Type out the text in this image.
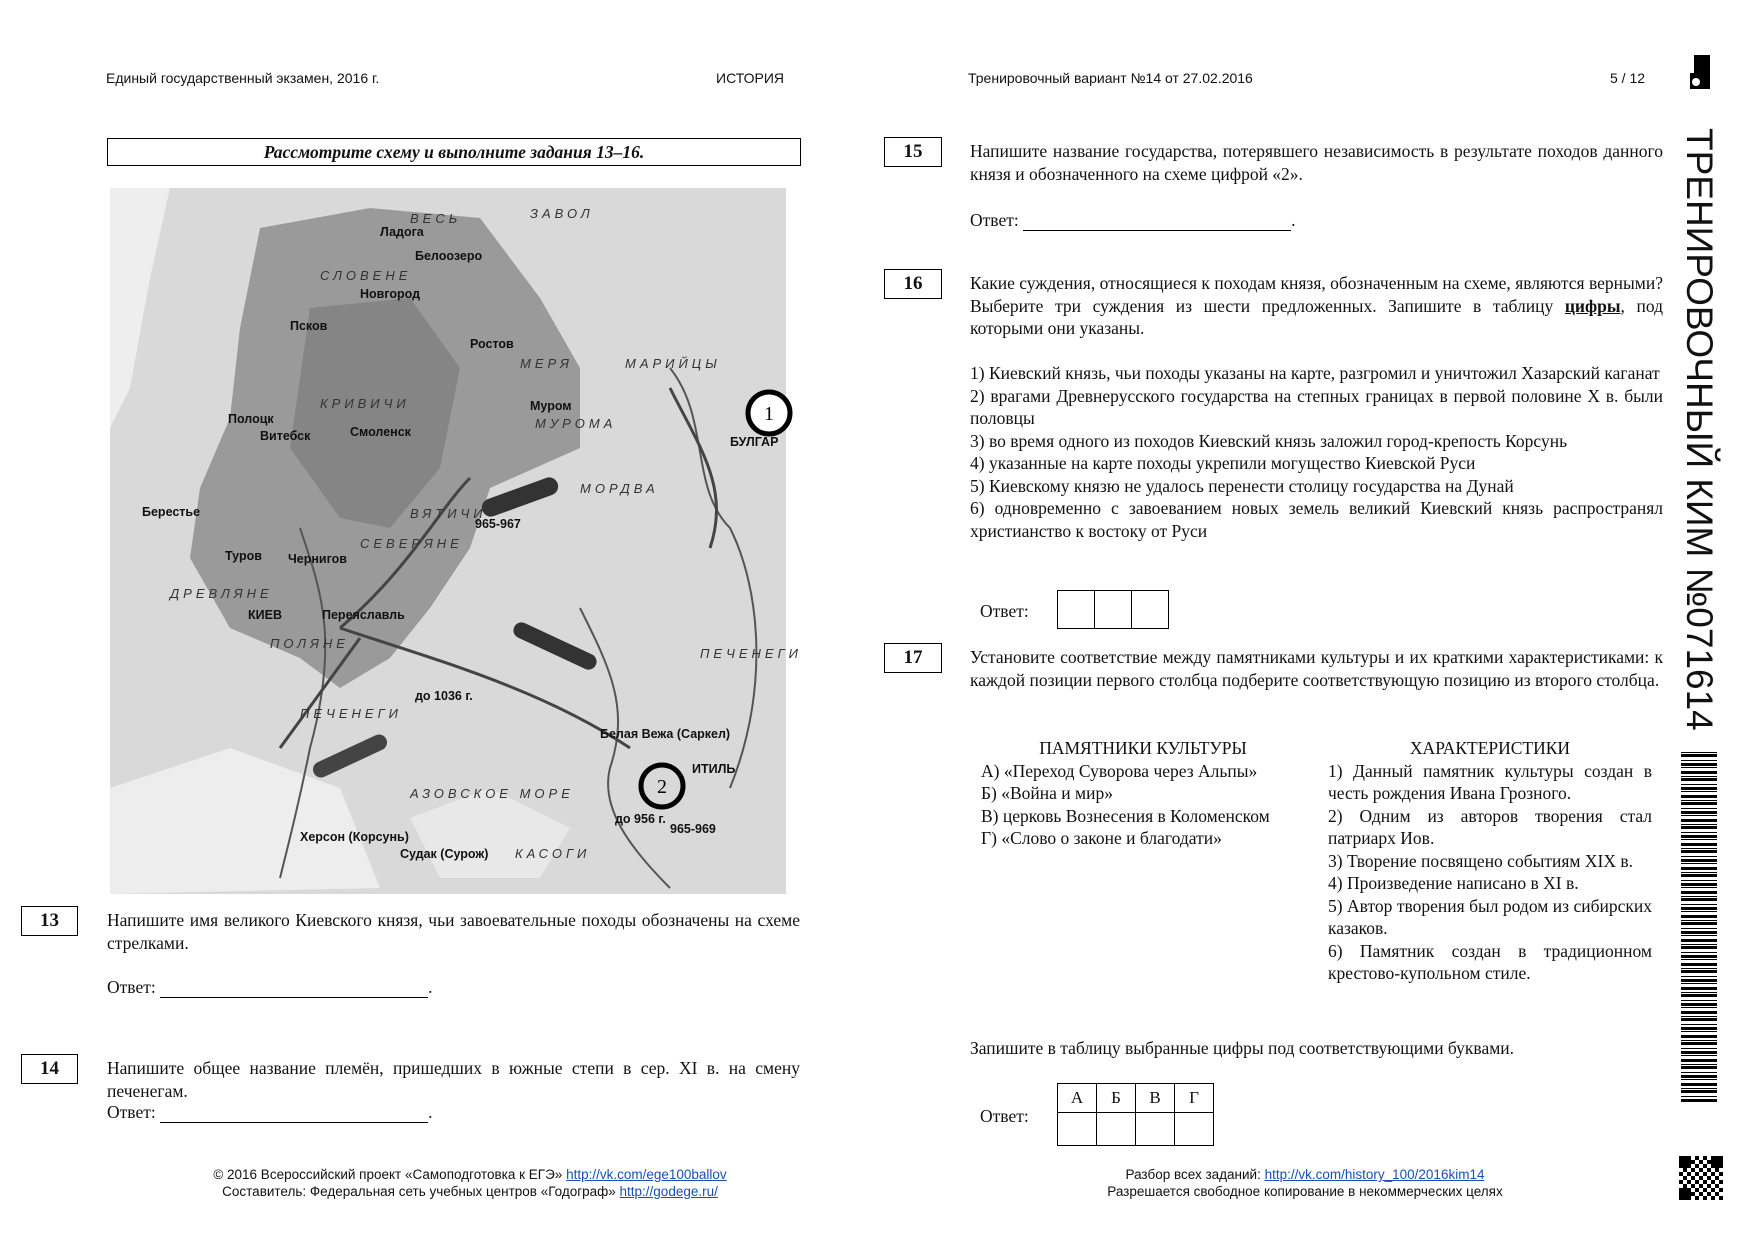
Единый государственный экзамен, 2016 г.	ИСТОРИЯ	Тренировочный вариант №14 от 27.02.2016	5 / 12
ТРЕНИРОВОЧНЫЙ КИМ №071614
Рассмотрите схему и выполните задания 13–16.
Ладога
Белоозеро
Новгород
Псков
Ростов
Муром
Полоцк
Витебск	Смоленск
Берестье
Туров Чернигов
КИЕВ	Переяславль
Белая Вежа (Саркел)
ИТИЛЬ
Херсон (Корсунь)
Судак (Сурож)
БУЛГАР
ВЕСЬ
СЛОВЕНЕ
МЕРЯ	МАРИЙЦЫ
МОРДВА
МУРОМА
КРИВИЧИ
ВЯТИЧИ
СЕВЕРЯНЕ
ДРЕВЛЯНЕ
ПОЛЯНЕ
ПЕЧЕНЕГИ
ПЕЧЕНЕГИ
КАСОГИ
АЗОВСКОЕ МОРЕ
ЗАВОЛ
965-967
965-969
до 956 г.
до 1036 г.
1
2
13	Напишите имя великого Киевского князя, чьи завоевательные походы обозначены на схеме стрелками.
Ответ:	.
14	Напишите общее название племён, пришедших в южные степи в сер. XI в. на смену печенегам.
Ответ:	.
15	Напишите название государства, потерявшего независимость в результате походов данного князя и обозначенного на схеме цифрой «2».
Ответ:	.
16	Какие суждения, относящиеся к походам князя, обозначенным на схеме, являются верными? Выберите три суждения из шести предложенных. Запишите в таблицу цифры, под которыми они указаны.
1) Киевский князь, чьи походы указаны на карте, разгромил и уничтожил Хазарский каганат
2) врагами Древнерусского государства на степных границах в первой половине X в. были половцы
3) во время одного из походов Киевский князь заложил город-крепость Корсунь
4) указанные на карте походы укрепили могущество Киевской Руси
5) Киевскому князю не удалось перенести столицу государства на Дунай
6) одновременно с завоеванием новых земель великий Киевский князь распространял христианство к востоку от Руси
Ответ:

17	Установите соответствие между памятниками культуры и их краткими характеристиками: к каждой позиции первого столбца подберите соответствующую позицию из второго столбца.
ПАМЯТНИКИ КУЛЬТУРЫ
А) «Переход Суворова через Альпы»
Б) «Война и мир»
В) церковь Вознесения в Коломенском
Г) «Слово о законе и благодати»
ХАРАКТЕРИСТИКИ
1) Данный памятник культуры создан в честь рождения Ивана Грозного.
2) Одним из авторов творения стал патриарх Иов.
3) Творение посвящено событиям XIX в.
4) Произведение написано в XI в.
5) Автор творения был родом из сибирских казаков.
6) Памятник создан в традиционном крестово-купольном стиле.
Запишите в таблицу выбранные цифры под соответствующими буквами.
Ответ:
А	Б	В	Г

© 2016 Всероссийский проект «Самоподготовка к ЕГЭ» http://vk.com/ege100ballov
Составитель: Федеральная сеть учебных центров «Годограф» http://godege.ru/
Разбор всех заданий: http://vk.com/history_100/2016kim14
Разрешается свободное копирование в некоммерческих целях
